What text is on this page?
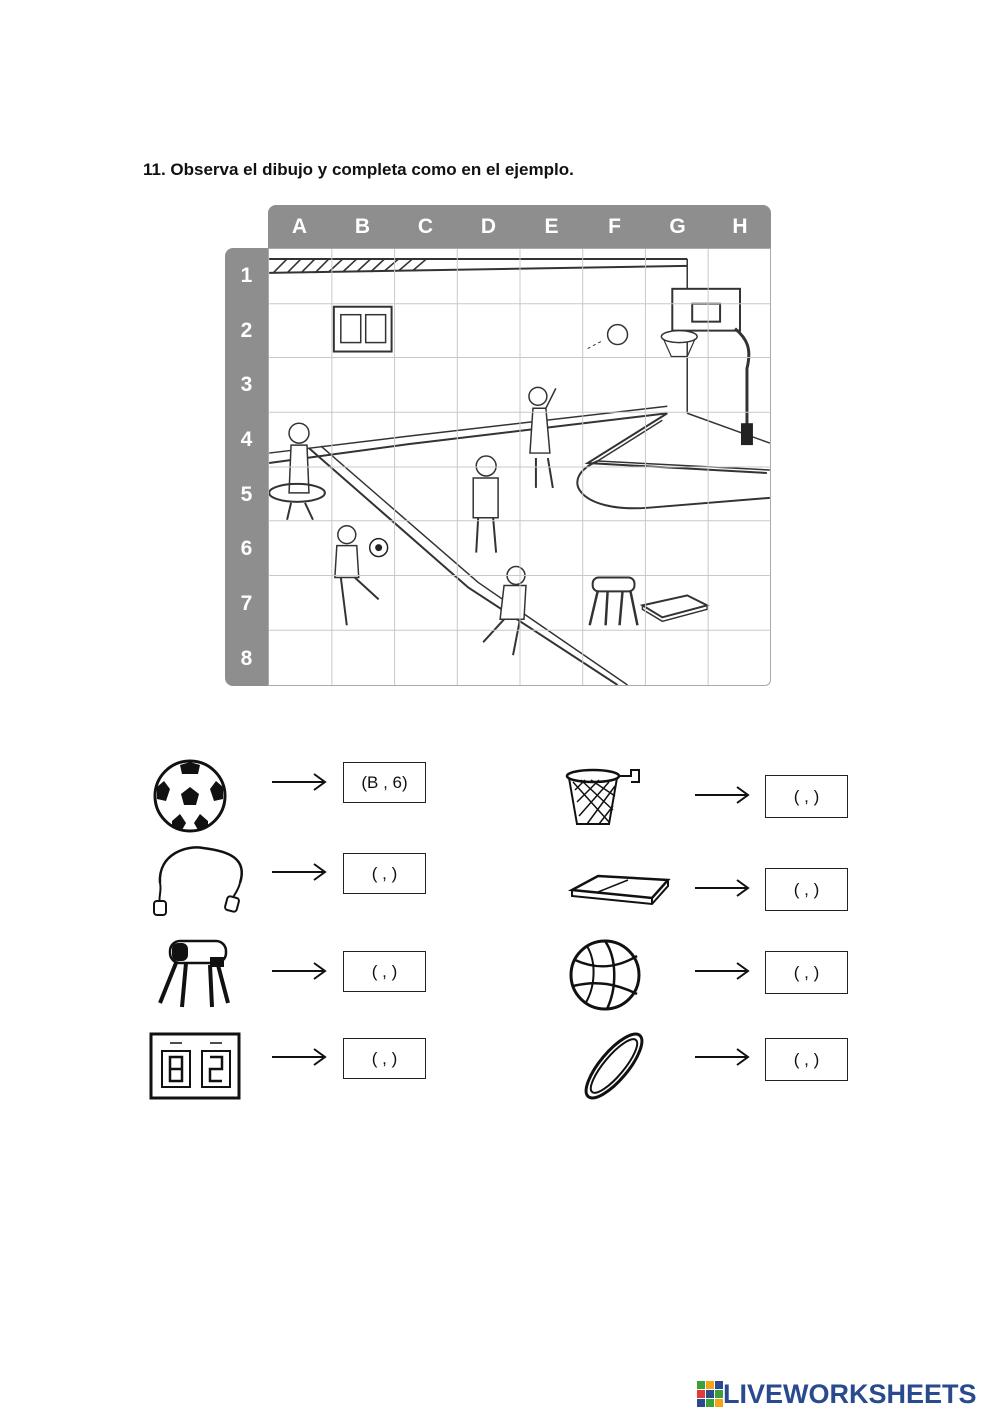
11. Observa el dibujo y completa como en el ejemplo.
A	B	C	D	E	F	G	H
1
2
3
4
5
6
7
8
(B , 6)
( , )
( , )
( , )
( , )
( , )
( , )
( , )
LIVEWORKSHEETS
